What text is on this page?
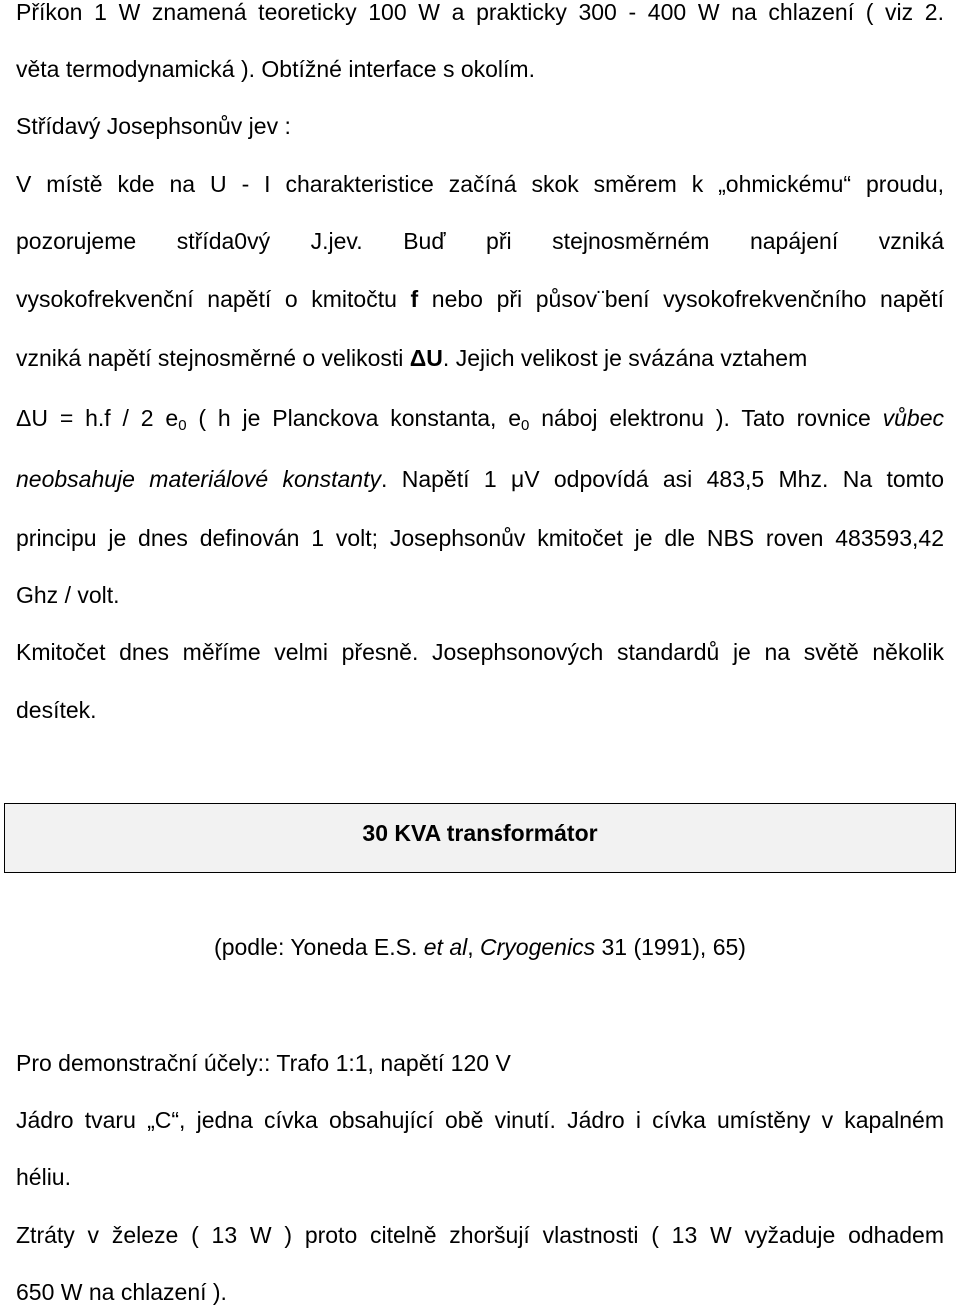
Příkon 1 W znamená teoreticky 100 W a prakticky 300 - 400 W na chlazení ( viz 2.
věta termodynamická ). Obtížné interface s okolím.
Střídavý Josephsonův jev :
V místě kde na U - I charakteristice začíná skok směrem k „ohmickému“ proudu,
pozorujeme střída0vý J.jev. Buď při stejnosměrném napájení vzniká
vysokofrekvenční napětí o kmitočtu f nebo při půsov¨bení vysokofrekvenčního napětí
vzniká napětí stejnosměrné o velikosti ΔU. Jejich velikost je svázána vztahem
ΔU = h.f / 2 $e_0$ ( h je Planckova konstanta, $e_0$ náboj elektronu ). Tato rovnice vůbec
neobsahuje materiálové konstanty. Napětí 1 μV odpovídá asi 483,5 Mhz. Na tomto
principu je dnes definován 1 volt; Josephsonův kmitočet je dle NBS roven 483593,42
Ghz / volt.
Kmitočet dnes měříme velmi přesně. Josephsonových standardů je na světě několik
desítek.
30 KVA transformátor
(podle: Yoneda E.S. et al, Cryogenics 31 (1991), 65)
Pro demonstrační účely:: Trafo 1:1, napětí 120 V
Jádro tvaru „C“, jedna cívka obsahující obě vinutí. Jádro i cívka umístěny v kapalném
héliu.
Ztráty v železe ( 13 W ) proto citelně zhoršují vlastnosti ( 13 W vyžaduje odhadem
650 W na chlazení ).
